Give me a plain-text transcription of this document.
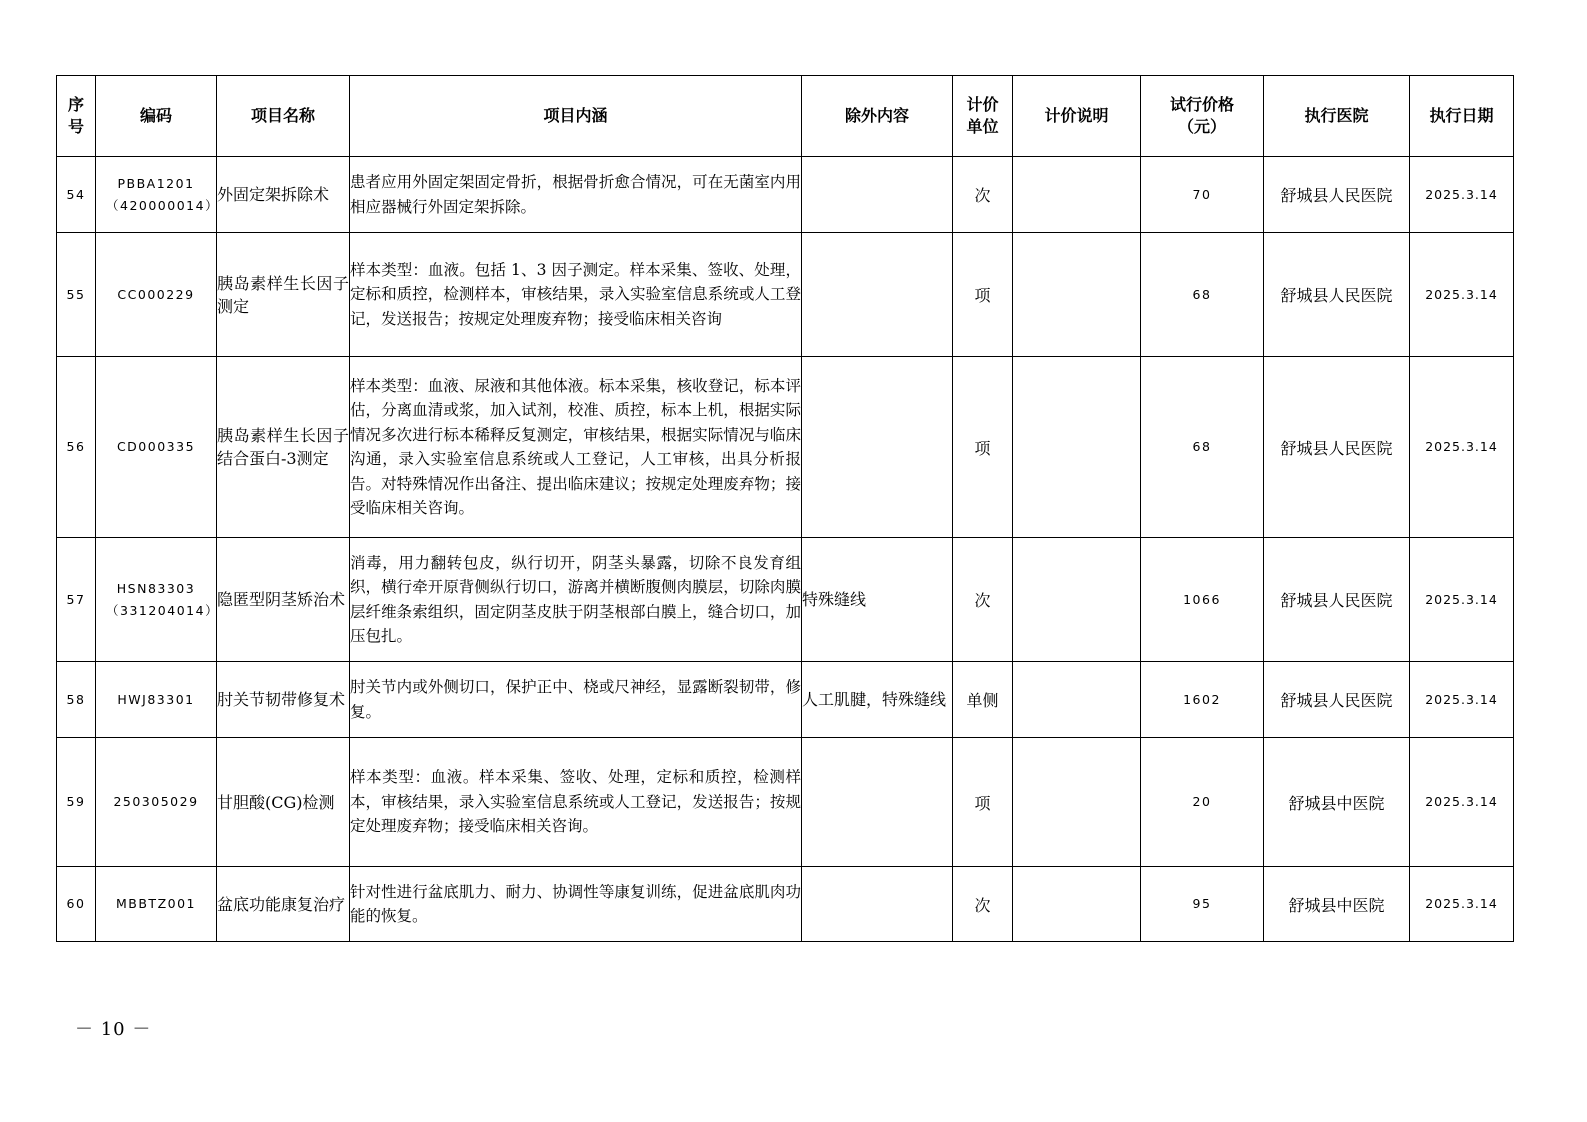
序号	编码	项目名称	项目内涵	除外内容	计价单位	计价说明	试行价格（元）	执行医院	执行日期
54	PBBA1201（420000014）	外固定架拆除术	患者应用外固定架固定骨折，根据骨折愈合情况，可在无菌室内用相应器械行外固定架拆除。		次		70	舒城县人民医院	2025.3.14
55	CC000229	胰岛素样生长因子测定	样本类型：血液。包括 1、3 因子测定。样本采集、签收、处理，定标和质控，检测样本，审核结果，录入实验室信息系统或人工登记，发送报告；按规定处理废弃物；接受临床相关咨询		项		68	舒城县人民医院	2025.3.14
56	CD000335	胰岛素样生长因子结合蛋白-3测定	样本类型：血液、尿液和其他体液。标本采集，核收登记，标本评估，分离血清或浆，加入试剂，校准、质控，标本上机，根据实际情况多次进行标本稀释反复测定，审核结果，根据实际情况与临床沟通，录入实验室信息系统或人工登记，人工审核，出具分析报告。对特殊情况作出备注、提出临床建议；按规定处理废弃物；接受临床相关咨询。		项		68	舒城县人民医院	2025.3.14
57	HSN83303（331204014）	隐匿型阴茎矫治术	消毒，用力翻转包皮，纵行切开，阴茎头暴露，切除不良发育组织，横行牵开原背侧纵行切口，游离并横断腹侧肉膜层，切除肉膜层纤维条索组织，固定阴茎皮肤于阴茎根部白膜上，缝合切口，加压包扎。	特殊缝线	次		1066	舒城县人民医院	2025.3.14
58	HWJ83301	肘关节韧带修复术	肘关节内或外侧切口，保护正中、桡或尺神经，显露断裂韧带，修复。	人工肌腱，特殊缝线	单侧		1602	舒城县人民医院	2025.3.14
59	250305029	甘胆酸(CG)检测	样本类型：血液。样本采集、签收、处理，定标和质控，检测样本，审核结果，录入实验室信息系统或人工登记，发送报告；按规定处理废弃物；接受临床相关咨询。		项		20	舒城县中医院	2025.3.14
60	MBBTZ001	盆底功能康复治疗	针对性进行盆底肌力、耐力、协调性等康复训练，促进盆底肌肉功能的恢复。		次		95	舒城县中医院	2025.3.14
－ 10 －
